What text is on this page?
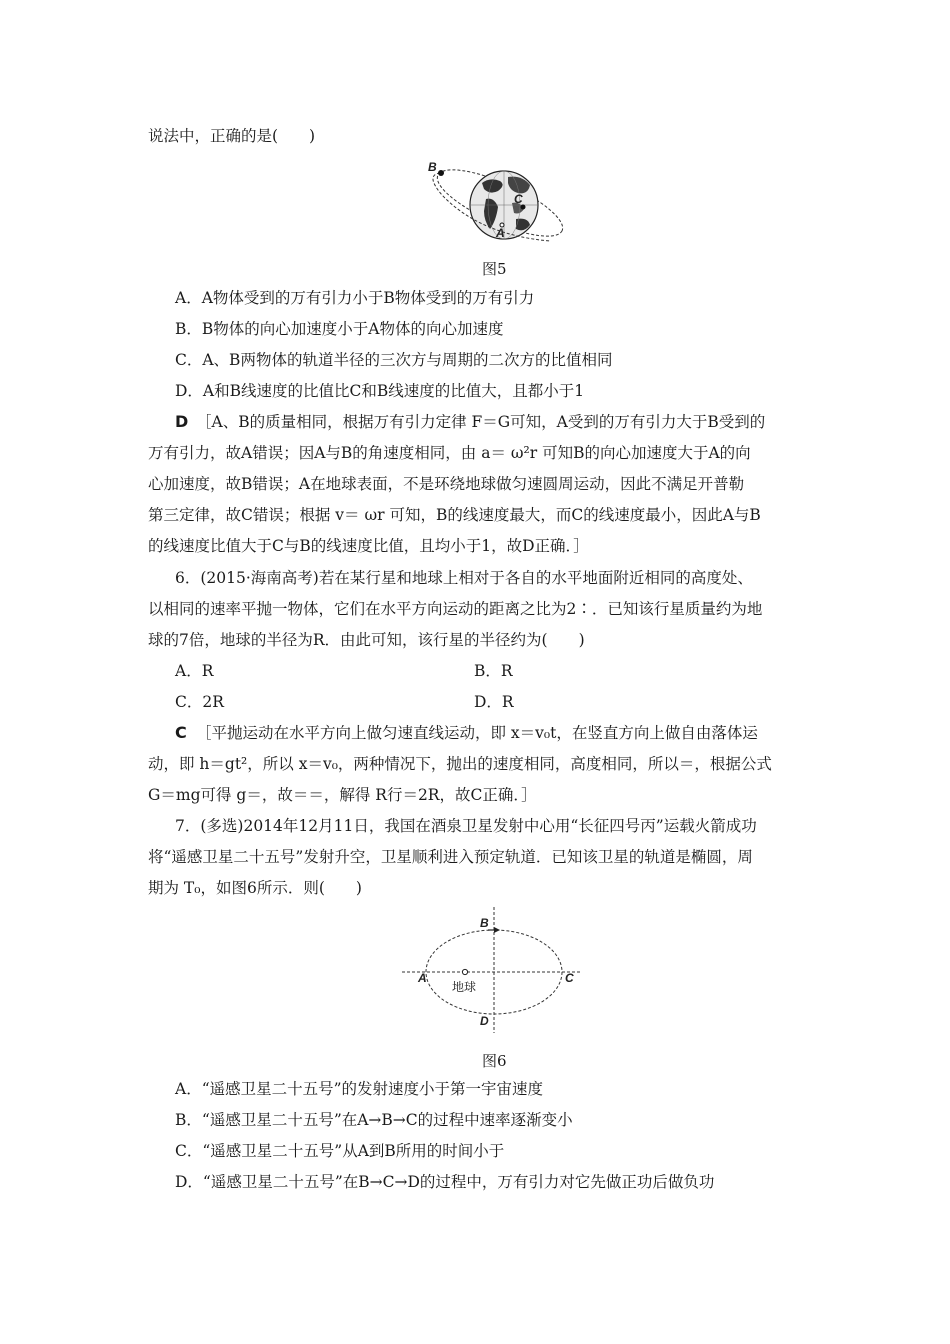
说法中，正确的是(　　)
B
C
A
图5
A．A物体受到的万有引力小于B物体受到的万有引力
B．B物体的向心加速度小于A物体的向心加速度
C．A、B两物体的轨道半径的三次方与周期的二次方的比值相同
D．A和B线速度的比值比C和B线速度的比值大，且都小于1
D ［A、B的质量相同，根据万有引力定律 F＝G可知，A受到的万有引力大于B受到的
万有引力，故A错误；因A与B的角速度相同，由 a＝ ω²r 可知B的向心加速度大于A的向
心加速度，故B错误；A在地球表面，不是环绕地球做匀速圆周运动，因此不满足开普勒
第三定律，故C错误；根据 v＝ ωr 可知，B的线速度最大，而C的线速度最小，因此A与B
的线速度比值大于C与B的线速度比值，且均小于1，故D正确．］
6．(2015·海南高考)若在某行星和地球上相对于各自的水平地面附近相同的高度处、
以相同的速率平抛一物体，它们在水平方向运动的距离之比为2∶．已知该行星质量约为地
球的7倍，地球的半径为R．由此可知，该行星的半径约为(　　)
A．R	B．R
C．2R	D．R
C ［平抛运动在水平方向上做匀速直线运动，即 x＝v₀t，在竖直方向上做自由落体运
动，即 h＝gt²，所以 x＝v₀，两种情况下，抛出的速度相同，高度相同，所以＝，根据公式
G＝mg可得 g＝，故＝＝，解得 R行＝2R，故C正确．］
7．(多选)2014年12月11日，我国在酒泉卫星发射中心用“长征四号丙”运载火箭成功
将“遥感卫星二十五号”发射升空，卫星顺利进入预定轨道．已知该卫星的轨道是椭圆，周
期为 T₀，如图6所示．则(　　)
B
A	C
D
地球
图6
A．“遥感卫星二十五号”的发射速度小于第一宇宙速度
B．“遥感卫星二十五号”在A→B→C的过程中速率逐渐变小
C．“遥感卫星二十五号”从A到B所用的时间小于
D．“遥感卫星二十五号”在B→C→D的过程中，万有引力对它先做正功后做负功
